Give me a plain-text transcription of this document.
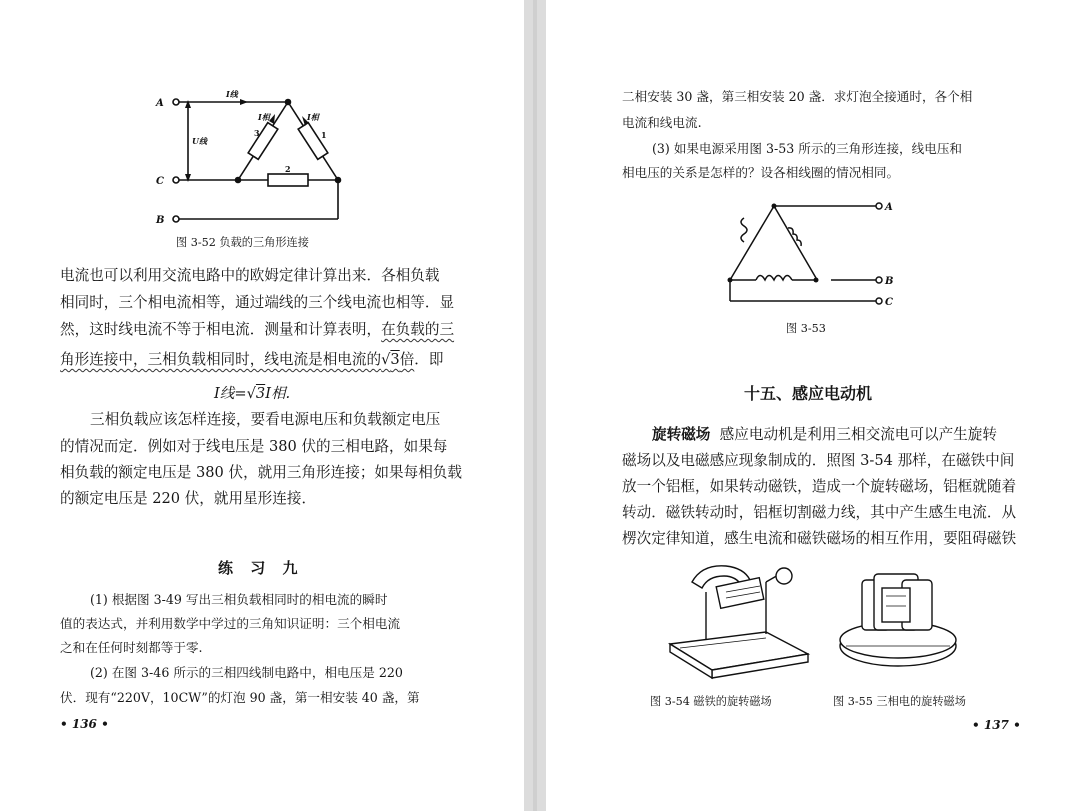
A
C
B
I线
I相	I相
U线
3	1
2
图 3-52 负载的三角形连接
电流也可以利用交流电路中的欧姆定律计算出来．各相负载
相同时，三个相电流相等，通过端线的三个线电流也相等．显
然，这时线电流不等于相电流．测量和计算表明，在负载的三
角形连接中，三相负载相同时，线电流是相电流的√3倍．即
I线=√3I相.
三相负载应该怎样连接，要看电源电压和负载额定电压
的情况而定．例如对于线电压是 380 伏的三相电路，如果每
相负载的额定电压是 380 伏，就用三角形连接；如果每相负载
的额定电压是 220 伏，就用星形连接．
练 习 九
(1) 根据图 3-49 写出三相负载相同时的相电流的瞬时
值的表达式，并利用数学中学过的三角知识证明：三个相电流
之和在任何时刻都等于零.
(2) 在图 3-46 所示的三相四线制电路中，相电压是 220
伏．现有“220V，10CW”的灯泡 90 盏，第一相安装 40 盏，第
• 136 •
二相安装 30 盏，第三相安装 20 盏．求灯泡全接通时，各个相
电流和线电流.
(3) 如果电源采用图 3-53 所示的三角形连接，线电压和
相电压的关系是怎样的？设各相线圈的情况相同。
A
B
C
图 3-53
十五、感应电动机
旋转磁场 感应电动机是利用三相交流电可以产生旋转
磁场以及电磁感应现象制成的．照图 3-54 那样，在磁铁中间
放一个铝框，如果转动磁铁，造成一个旋转磁场，铝框就随着
转动．磁铁转动时，铝框切割磁力线，其中产生感生电流．从
楞次定律知道，感生电流和磁铁磁场的相互作用，要阻碍磁铁
图 3-54 磁铁的旋转磁场	图 3-55 三相电的旋转磁场
• 137 •
